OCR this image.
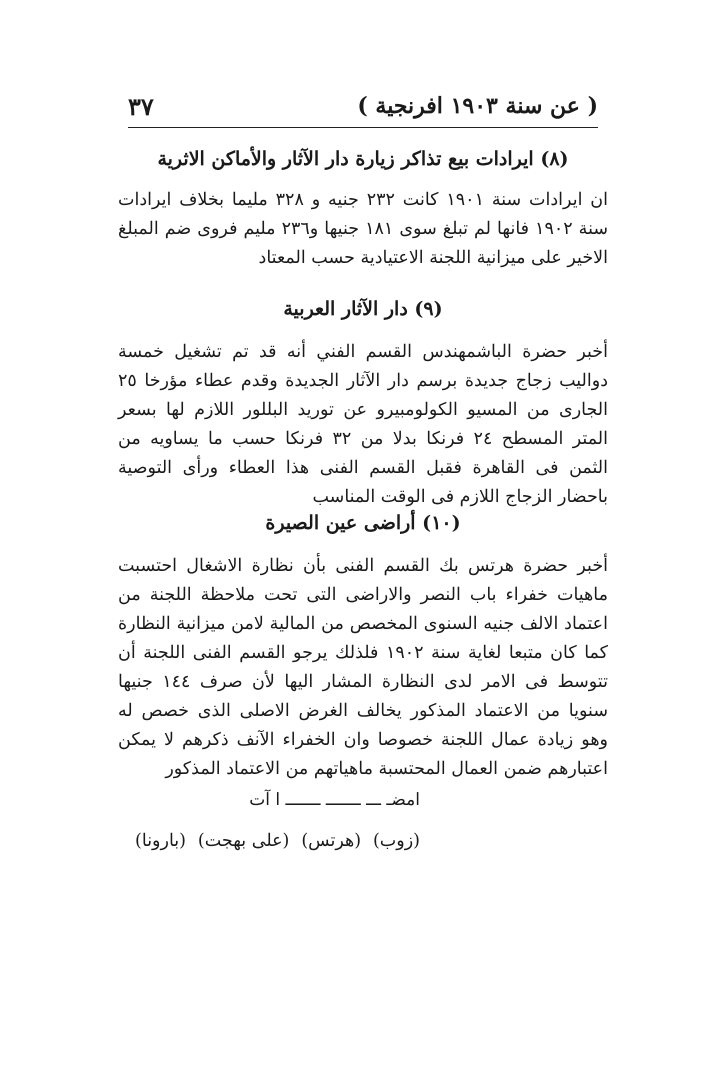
( عن سنة ١٩٠٣ افرنجية )
٣٧
(٨) ايرادات بيع تذاكر زيارة دار الآثار والأماكن الاثرية
ان ايرادات سنة ١٩٠١ كانت ٢٣٢ جنيه و ٣٢٨ مليما بخلاف ايرادات سنة ١٩٠٢ فانها لم تبلغ سوى ١٨١ جنيها و٢٣٦ مليم فروى ضم المبلغ الاخير على ميزانية اللجنة الاعتيادية حسب المعتاد
(٩) دار الآثار العربية
أخبر حضرة الباشمهندس القسم الفني أنه قد تم تشغيل خمسة دواليب زجاج جديدة برسم دار الآثار الجديدة وقدم عطاء مؤرخا ٢٥ الجارى من المسيو الكولومبيرو عن توريد البللور اللازم لها بسعر المتر المسطح ٢٤ فرنكا بدلا من ٣٢ فرنكا حسب ما يساويه من الثمن فى القاهرة فقبل القسم الفنى هذا العطاء ورأى التوصية باحضار الزجاج اللازم فى الوقت المناسب
(١٠) أراضى عين الصيرة
أخبر حضرة هرتس بك القسم الفنى بأن نظارة الاشغال احتسبت ماهيات خفراء باب النصر والاراضى التى تحت ملاحظة اللجنة من اعتماد الالف جنيه السنوى المخصص من المالية لامن ميزانية النظارة كما كان متبعا لغاية سنة ١٩٠٢ فلذلك يرجو القسم الفنى اللجنة أن تتوسط فى الامر لدى النظارة المشار اليها لأن صرف ١٤٤ جنيها سنويا من الاعتماد المذكور يخالف الغرض الاصلى الذى خصص له وهو زيادة عمال اللجنة خصوصا وان الخفراء الآنف ذكرهم لا يمكن اعتبارهم ضمن العمال المحتسبة ماهياتهم من الاعتماد المذكور
امضـ ـــ ـــــــ ـــــــ ا آت
(زوب)
(هرتس)
(على بهجت)
(بارونا)
